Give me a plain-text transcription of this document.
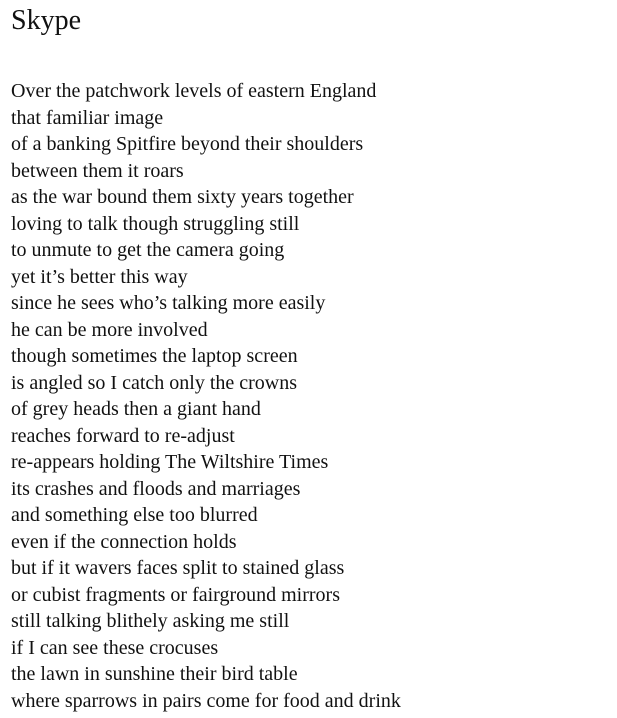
Skype
Over the patchwork levels of eastern England
that familiar image
of a banking Spitfire beyond their shoulders
between them it roars
as the war bound them sixty years together
loving to talk though struggling still
to unmute to get the camera going
yet it’s better this way
since he sees who’s talking more easily
he can be more involved
though sometimes the laptop screen
is angled so I catch only the crowns
of grey heads then a giant hand
reaches forward to re-adjust
re-appears holding The Wiltshire Times
its crashes and floods and marriages
and something else too blurred
even if the connection holds
but if it wavers faces split to stained glass
or cubist fragments or fairground mirrors
still talking blithely asking me still
if I can see these crocuses
the lawn in sunshine their bird table
where sparrows in pairs come for food and drink
